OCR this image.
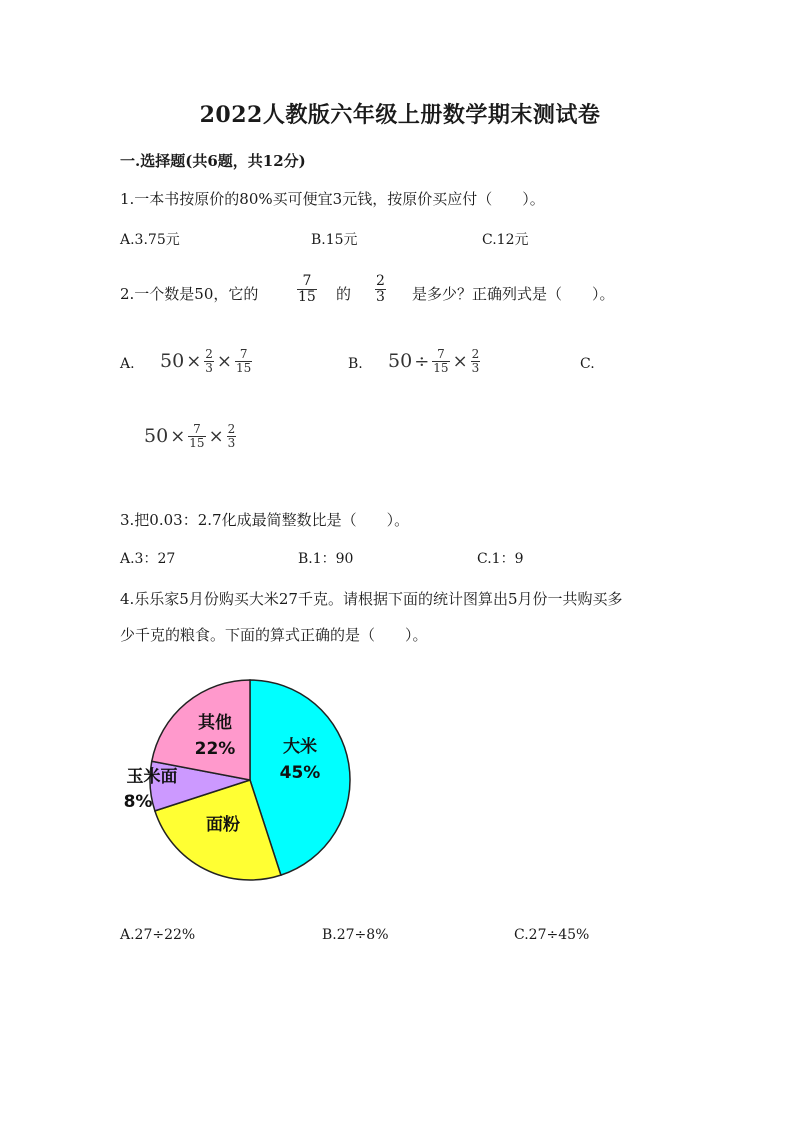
2022人教版六年级上册数学期末测试卷
一.选择题(共6题，共12分)
1.一本书按原价的80%买可便宜3元钱，按原价买应付（　　）。
A.3.75元	B.15元	C.12元
2.一个数是50，它的	$\frac{7}{15}$ 的 $\frac{2}{3}$ 是多少？正确列式是（　　）。
A. $50 \times \frac{2}{3} \times \frac{7}{15}$	B. $50 \div \frac{7}{15} \times \frac{2}{3}$	C.
$50 \times \frac{7}{15} \times \frac{2}{3}$
3.把0.03：2.7化成最简整数比是（　　）。
A.3：27	B.1：90	C.1：9
4.乐乐家5月份购买大米27千克。请根据下面的统计图算出5月份一共购买多
少千克的粮食。下面的算式正确的是（　　）。
大米
45%
面粉
玉米面
8%
其他
22%
A.27÷22%	B.27÷8%	C.27÷45%
